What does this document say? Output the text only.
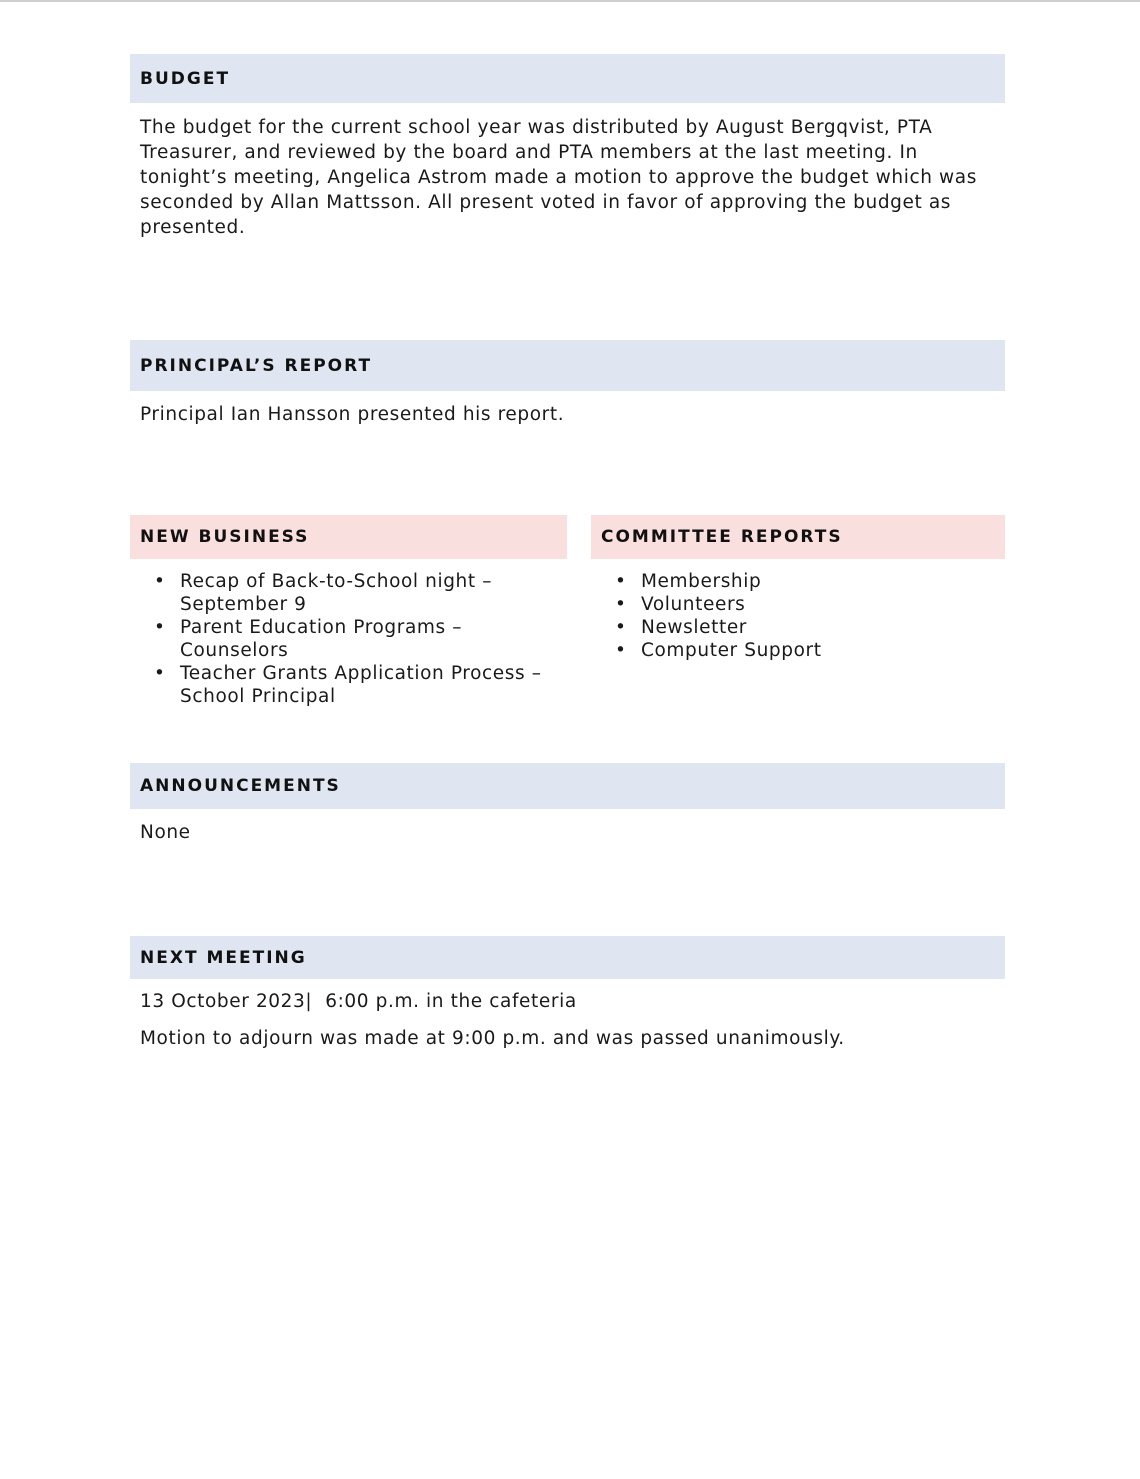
BUDGET
The budget for the current school year was distributed by August Bergqvist, PTA Treasurer, and reviewed by the board and PTA members at the last meeting. In tonight’s meeting, Angelica Astrom made a motion to approve the budget which was seconded by Allan Mattsson. All present voted in favor of approving the budget as presented.
PRINCIPAL’S REPORT
Principal Ian Hansson presented his report.
NEW BUSINESS
• Recap of Back-to-School night – September 9
• Parent Education Programs – Counselors
• Teacher Grants Application Process – School Principal
COMMITTEE REPORTS
• Membership
• Volunteers
• Newsletter
• Computer Support
ANNOUNCEMENTS
None
NEXT MEETING
13 October 2023|  6:00 p.m. in the cafeteria
Motion to adjourn was made at 9:00 p.m. and was passed unanimously.
